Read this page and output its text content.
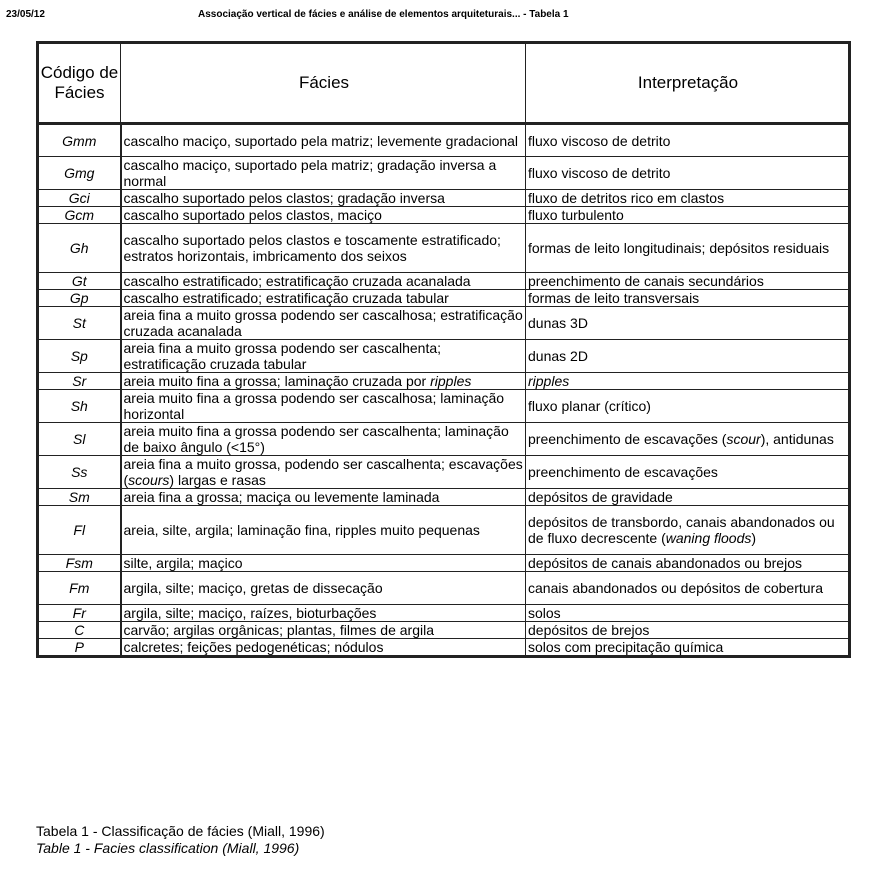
23/05/12	Associação vertical de fácies e análise de elementos arquiteturais... - Tabela 1
Código de Fácies	Fácies	Interpretação
Gmm	cascalho maciço, suportado pela matriz; levemente gradacional	fluxo viscoso de detrito
Gmg	cascalho maciço, suportado pela matriz; gradação inversa a normal	fluxo viscoso de detrito
Gci	cascalho suportado pelos clastos; gradação inversa	fluxo de detritos rico em clastos
Gcm	cascalho suportado pelos clastos, maciço	fluxo turbulento
Gh	cascalho suportado pelos clastos e toscamente estratificado; estratos horizontais, imbricamento dos seixos	formas de leito longitudinais; depósitos residuais
Gt	cascalho estratificado; estratificação cruzada acanalada	preenchimento de canais secundários
Gp	cascalho estratificado; estratificação cruzada tabular	formas de leito transversais
St	areia fina a muito grossa podendo ser cascalhosa; estratificação cruzada acanalada	dunas 3D
Sp	areia fina a muito grossa podendo ser cascalhenta; estratificação cruzada tabular	dunas 2D
Sr	areia muito fina a grossa; laminação cruzada por ripples	ripples
Sh	areia muito fina a grossa podendo ser cascalhosa; laminação horizontal	fluxo planar (crítico)
Sl	areia muito fina a grossa podendo ser cascalhenta; laminação de baixo ângulo (<15°)	preenchimento de escavações (scour), antidunas
Ss	areia fina a muito grossa, podendo ser cascalhenta; escavações (scours) largas e rasas	preenchimento de escavações
Sm	areia fina a grossa; maciça ou levemente laminada	depósitos de gravidade
Fl	areia, silte, argila; laminação fina, ripples muito pequenas	depósitos de transbordo, canais abandonados ou de fluxo decrescente (waning floods)
Fsm	silte, argila; maçico	depósitos de canais abandonados ou brejos
Fm	argila, silte; maciço, gretas de dissecação	canais abandonados ou depósitos de cobertura
Fr	argila, silte; maciço, raízes, bioturbações	solos
C	carvão; argilas orgânicas; plantas, filmes de argila	depósitos de brejos
P	calcretes; feições pedogenéticas; nódulos	solos com precipitação química
Tabela 1 - Classificação de fácies (Miall, 1996)
Table 1 - Facies classification (Miall, 1996)
